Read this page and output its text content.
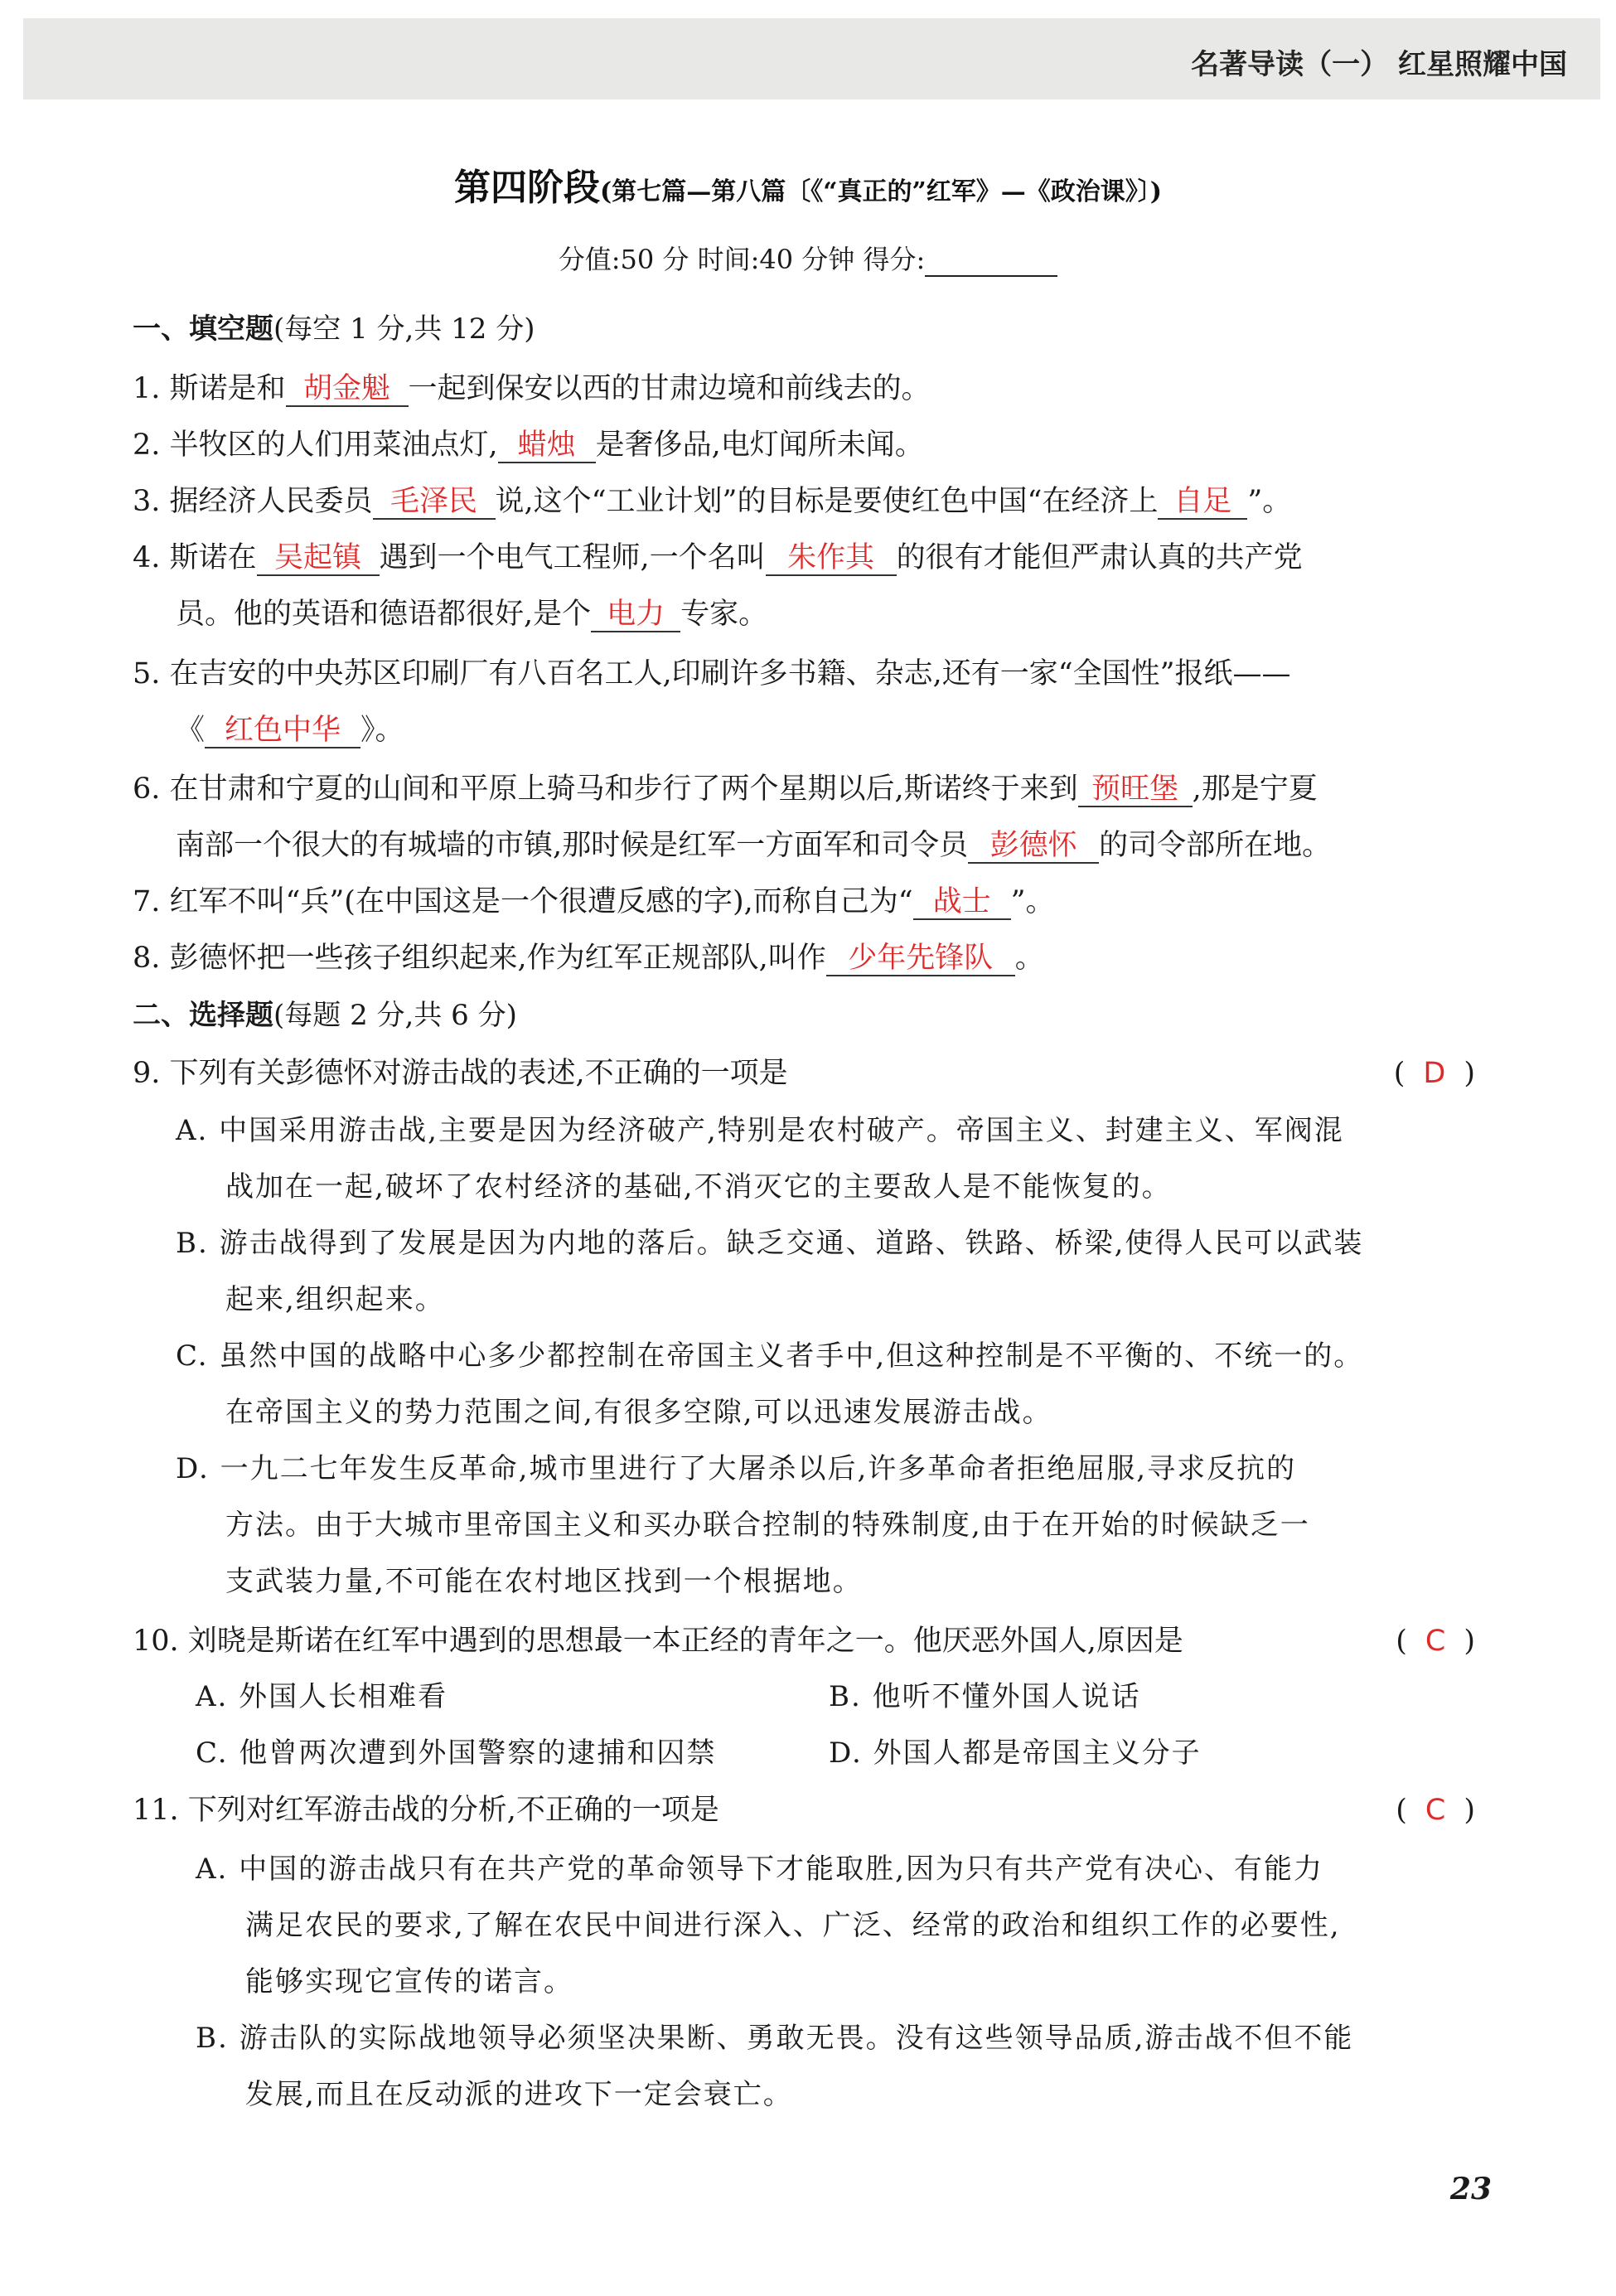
名著导读（一） 红星照耀中国
第四阶段(第七篇—第八篇〔《“真正的”红军》—《政治课》〕)
分值:50 分 时间:40 分钟 得分:
一、填空题(每空 1 分,共 12 分)
1. 斯诺是和 胡金魁 一起到保安以西的甘肃边境和前线去的。
2. 半牧区的人们用菜油点灯, 蜡烛 是奢侈品,电灯闻所未闻。
3. 据经济人民委员 毛泽民 说,这个“工业计划”的目标是要使红色中国“在经济上 自足 ”。
4. 斯诺在 吴起镇 遇到一个电气工程师,一个名叫 朱作其 的很有才能但严肃认真的共产党
员。他的英语和德语都很好,是个 电力 专家。
5. 在吉安的中央苏区印刷厂有八百名工人,印刷许多书籍、杂志,还有一家“全国性”报纸——
《 红色中华 》。
6. 在甘肃和宁夏的山间和平原上骑马和步行了两个星期以后,斯诺终于来到 预旺堡 ,那是宁夏
南部一个很大的有城墙的市镇,那时候是红军一方面军和司令员 彭德怀 的司令部所在地。
7. 红军不叫“兵”(在中国这是一个很遭反感的字),而称自己为“ 战士 ”。
8. 彭德怀把一些孩子组织起来,作为红军正规部队,叫作 少年先锋队 。
二、选择题(每题 2 分,共 6 分)
9. 下列有关彭德怀对游击战的表述,不正确的一项是	( D )
A. 中国采用游击战,主要是因为经济破产,特别是农村破产。帝国主义、封建主义、军阀混
战加在一起,破坏了农村经济的基础,不消灭它的主要敌人是不能恢复的。
B. 游击战得到了发展是因为内地的落后。缺乏交通、道路、铁路、桥梁,使得人民可以武装
起来,组织起来。
C. 虽然中国的战略中心多少都控制在帝国主义者手中,但这种控制是不平衡的、不统一的。
在帝国主义的势力范围之间,有很多空隙,可以迅速发展游击战。
D. 一九二七年发生反革命,城市里进行了大屠杀以后,许多革命者拒绝屈服,寻求反抗的
方法。由于大城市里帝国主义和买办联合控制的特殊制度,由于在开始的时候缺乏一
支武装力量,不可能在农村地区找到一个根据地。
10. 刘晓是斯诺在红军中遇到的思想最一本正经的青年之一。他厌恶外国人,原因是	( C )
A. 外国人长相难看	B. 他听不懂外国人说话
C. 他曾两次遭到外国警察的逮捕和囚禁	D. 外国人都是帝国主义分子
11. 下列对红军游击战的分析,不正确的一项是	( C )
A. 中国的游击战只有在共产党的革命领导下才能取胜,因为只有共产党有决心、有能力
满足农民的要求,了解在农民中间进行深入、广泛、经常的政治和组织工作的必要性,
能够实现它宣传的诺言。
B. 游击队的实际战地领导必须坚决果断、勇敢无畏。没有这些领导品质,游击战不但不能
发展,而且在反动派的进攻下一定会衰亡。
23
